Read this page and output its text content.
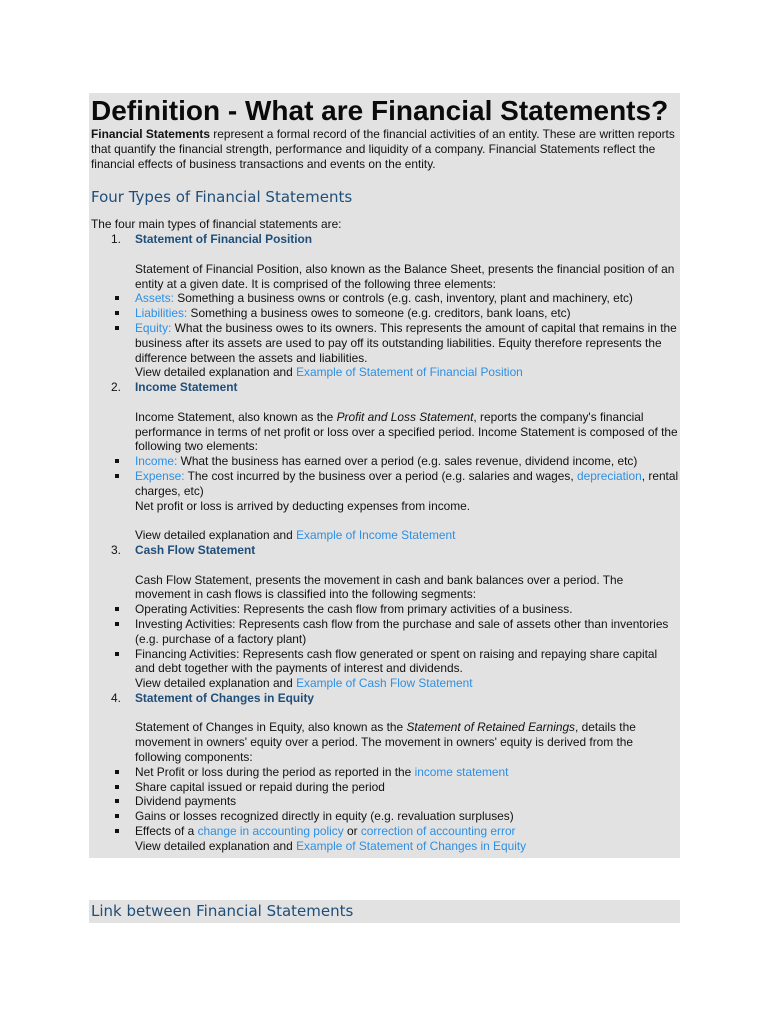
Definition - What are Financial Statements?

Financial Statements represent a formal record of the financial activities of an entity. These are written reports that quantify the financial strength, performance and liquidity of a company. Financial Statements reflect the financial effects of business transactions and events on the entity.

Four Types of Financial Statements

The four main types of financial statements are:

1. Statement of Financial Position

Statement of Financial Position, also known as the Balance Sheet, presents the financial position of an entity at a given date. It is comprised of the following three elements:

Assets: Something a business owns or controls (e.g. cash, inventory, plant and machinery, etc)
Liabilities: Something a business owes to someone (e.g. creditors, bank loans, etc)
Equity: What the business owes to its owners. This represents the amount of capital that remains in the business after its assets are used to pay off its outstanding liabilities. Equity therefore represents the difference between the assets and liabilities.

View detailed explanation and Example of Statement of Financial Position

2. Income Statement

Income Statement, also known as the Profit and Loss Statement, reports the company's financial performance in terms of net profit or loss over a specified period. Income Statement is composed of the following two elements:

Income: What the business has earned over a period (e.g. sales revenue, dividend income, etc)
Expense: The cost incurred by the business over a period (e.g. salaries and wages, depreciation, rental charges, etc)

Net profit or loss is arrived by deducting expenses from income.

View detailed explanation and Example of Income Statement

3. Cash Flow Statement

Cash Flow Statement, presents the movement in cash and bank balances over a period. The movement in cash flows is classified into the following segments:

Operating Activities: Represents the cash flow from primary activities of a business.
Investing Activities: Represents cash flow from the purchase and sale of assets other than inventories (e.g. purchase of a factory plant)
Financing Activities: Represents cash flow generated or spent on raising and repaying share capital and debt together with the payments of interest and dividends.

View detailed explanation and Example of Cash Flow Statement

4. Statement of Changes in Equity

Statement of Changes in Equity, also known as the Statement of Retained Earnings, details the movement in owners' equity over a period. The movement in owners' equity is derived from the following components:

Net Profit or loss during the period as reported in the income statement
Share capital issued or repaid during the period
Dividend payments
Gains or losses recognized directly in equity (e.g. revaluation surpluses)
Effects of a change in accounting policy or correction of accounting error

View detailed explanation and Example of Statement of Changes in Equity

Link between Financial Statements
